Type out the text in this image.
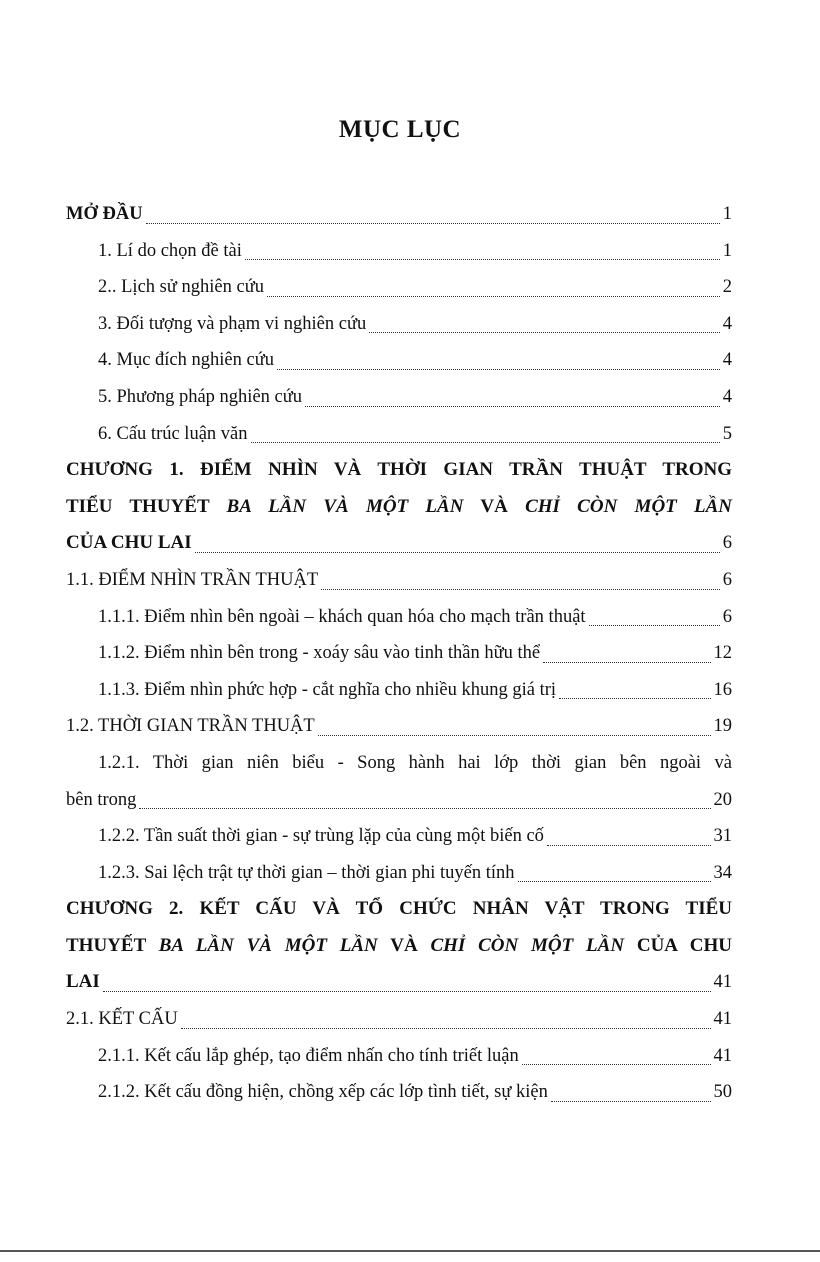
MỤC LỤC
MỞ ĐẦU	1
1. Lí do chọn đề tài	1
2.. Lịch sử nghiên cứu	2
3. Đối tượng và phạm vi nghiên cứu	4
4. Mục đích nghiên cứu	4
5. Phương pháp nghiên cứu	4
6. Cấu trúc luận văn	5
CHƯƠNG 1. ĐIỂM NHÌN VÀ THỜI GIAN TRẦN THUẬT TRONG
TIỂU THUYẾT BA LẦN VÀ MỘT LẦN VÀ CHỈ CÒN MỘT LẦN
CỦA CHU LAI	6
1.1. ĐIỂM NHÌN TRẦN THUẬT	6
1.1.1. Điểm nhìn bên ngoài – khách quan hóa cho mạch trần thuật	6
1.1.2. Điểm nhìn bên trong - xoáy sâu vào tinh thần hữu thể	12
1.1.3. Điểm nhìn phức hợp - cắt nghĩa cho nhiều khung giá trị	16
1.2. THỜI GIAN TRẦN THUẬT	19
1.2.1. Thời gian niên biểu - Song hành hai lớp thời gian bên ngoài và
bên trong	20
1.2.2. Tần suất thời gian - sự trùng lặp của cùng một biến cố	31
1.2.3. Sai lệch trật tự thời gian – thời gian phi tuyến tính	34
CHƯƠNG 2. KẾT CẤU VÀ TỔ CHỨC NHÂN VẬT TRONG TIỂU
THUYẾT BA LẦN VÀ MỘT LẦN VÀ CHỈ CÒN MỘT LẦN CỦA CHU
LAI	41
2.1. KẾT CẤU	41
2.1.1. Kết cấu lắp ghép, tạo điểm nhấn cho tính triết luận	41
2.1.2. Kết cấu đồng hiện, chồng xếp các lớp tình tiết, sự kiện	50
